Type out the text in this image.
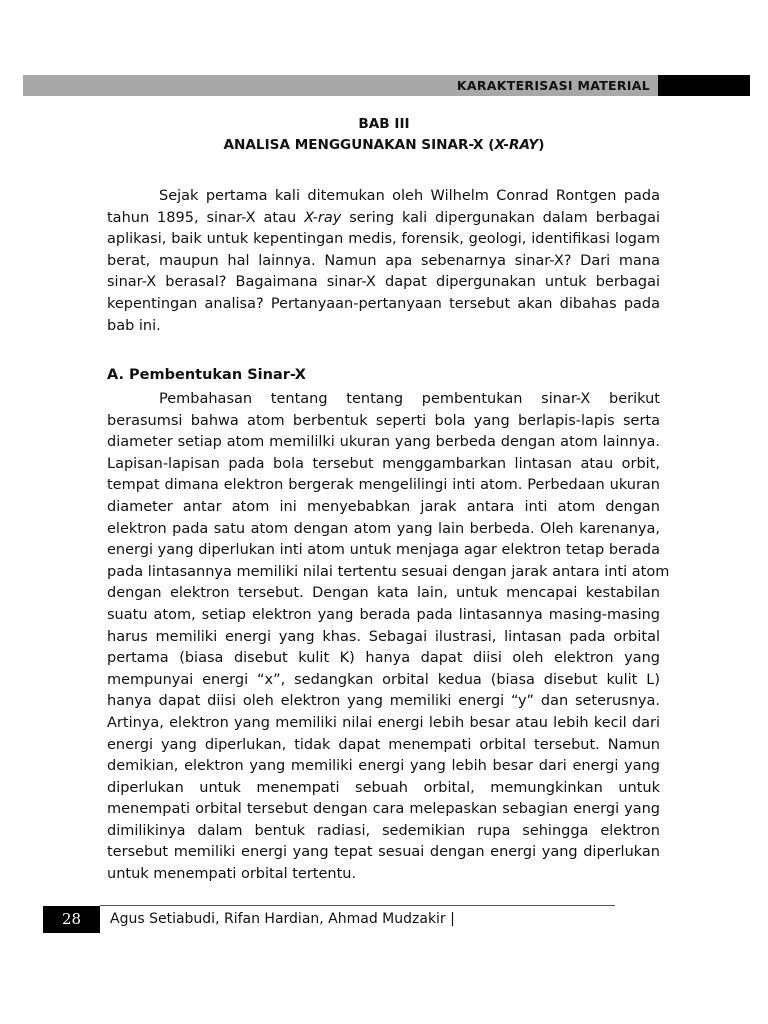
KARAKTERISASI MATERIAL
BAB III
ANALISA MENGGUNAKAN SINAR-X (X-RAY)
Sejak pertama kali ditemukan oleh Wilhelm Conrad Rontgen pada
tahun 1895, sinar-X atau X-ray sering kali dipergunakan dalam berbagai
aplikasi, baik untuk kepentingan medis, forensik, geologi, identifikasi logam
berat, maupun hal lainnya. Namun apa sebenarnya sinar-X? Dari mana
sinar-X berasal? Bagaimana sinar-X dapat dipergunakan untuk berbagai
kepentingan analisa? Pertanyaan-pertanyaan tersebut akan dibahas pada
bab ini.
A. Pembentukan Sinar-X
Pembahasan tentang tentang pembentukan sinar-X berikut
berasumsi bahwa atom berbentuk seperti bola yang berlapis-lapis serta
diameter setiap atom memililki ukuran yang berbeda dengan atom lainnya.
Lapisan-lapisan pada bola tersebut menggambarkan lintasan atau orbit,
tempat dimana elektron bergerak mengelilingi inti atom. Perbedaan ukuran
diameter antar atom ini menyebabkan jarak antara inti atom dengan
elektron pada satu atom dengan atom yang lain berbeda. Oleh karenanya,
energi yang diperlukan inti atom untuk menjaga agar elektron tetap berada
pada lintasannya memiliki nilai tertentu sesuai dengan jarak antara inti atom
dengan elektron tersebut. Dengan kata lain, untuk mencapai kestabilan
suatu atom, setiap elektron yang berada pada lintasannya masing-masing
harus memiliki energi yang khas. Sebagai ilustrasi, lintasan pada orbital
pertama (biasa disebut kulit K) hanya dapat diisi oleh elektron yang
mempunyai energi “x”, sedangkan orbital kedua (biasa disebut kulit L)
hanya dapat diisi oleh elektron yang memiliki energi “y” dan seterusnya.
Artinya, elektron yang memiliki nilai energi lebih besar atau lebih kecil dari
energi yang diperlukan, tidak dapat menempati orbital tersebut. Namun
demikian, elektron yang memiliki energi yang lebih besar dari energi yang
diperlukan untuk menempati sebuah orbital, memungkinkan untuk
menempati orbital tersebut dengan cara melepaskan sebagian energi yang
dimilikinya dalam bentuk radiasi, sedemikian rupa sehingga elektron
tersebut memiliki energi yang tepat sesuai dengan energi yang diperlukan
untuk menempati orbital tertentu.
28	Agus Setiabudi, Rifan Hardian, Ahmad Mudzakir |
